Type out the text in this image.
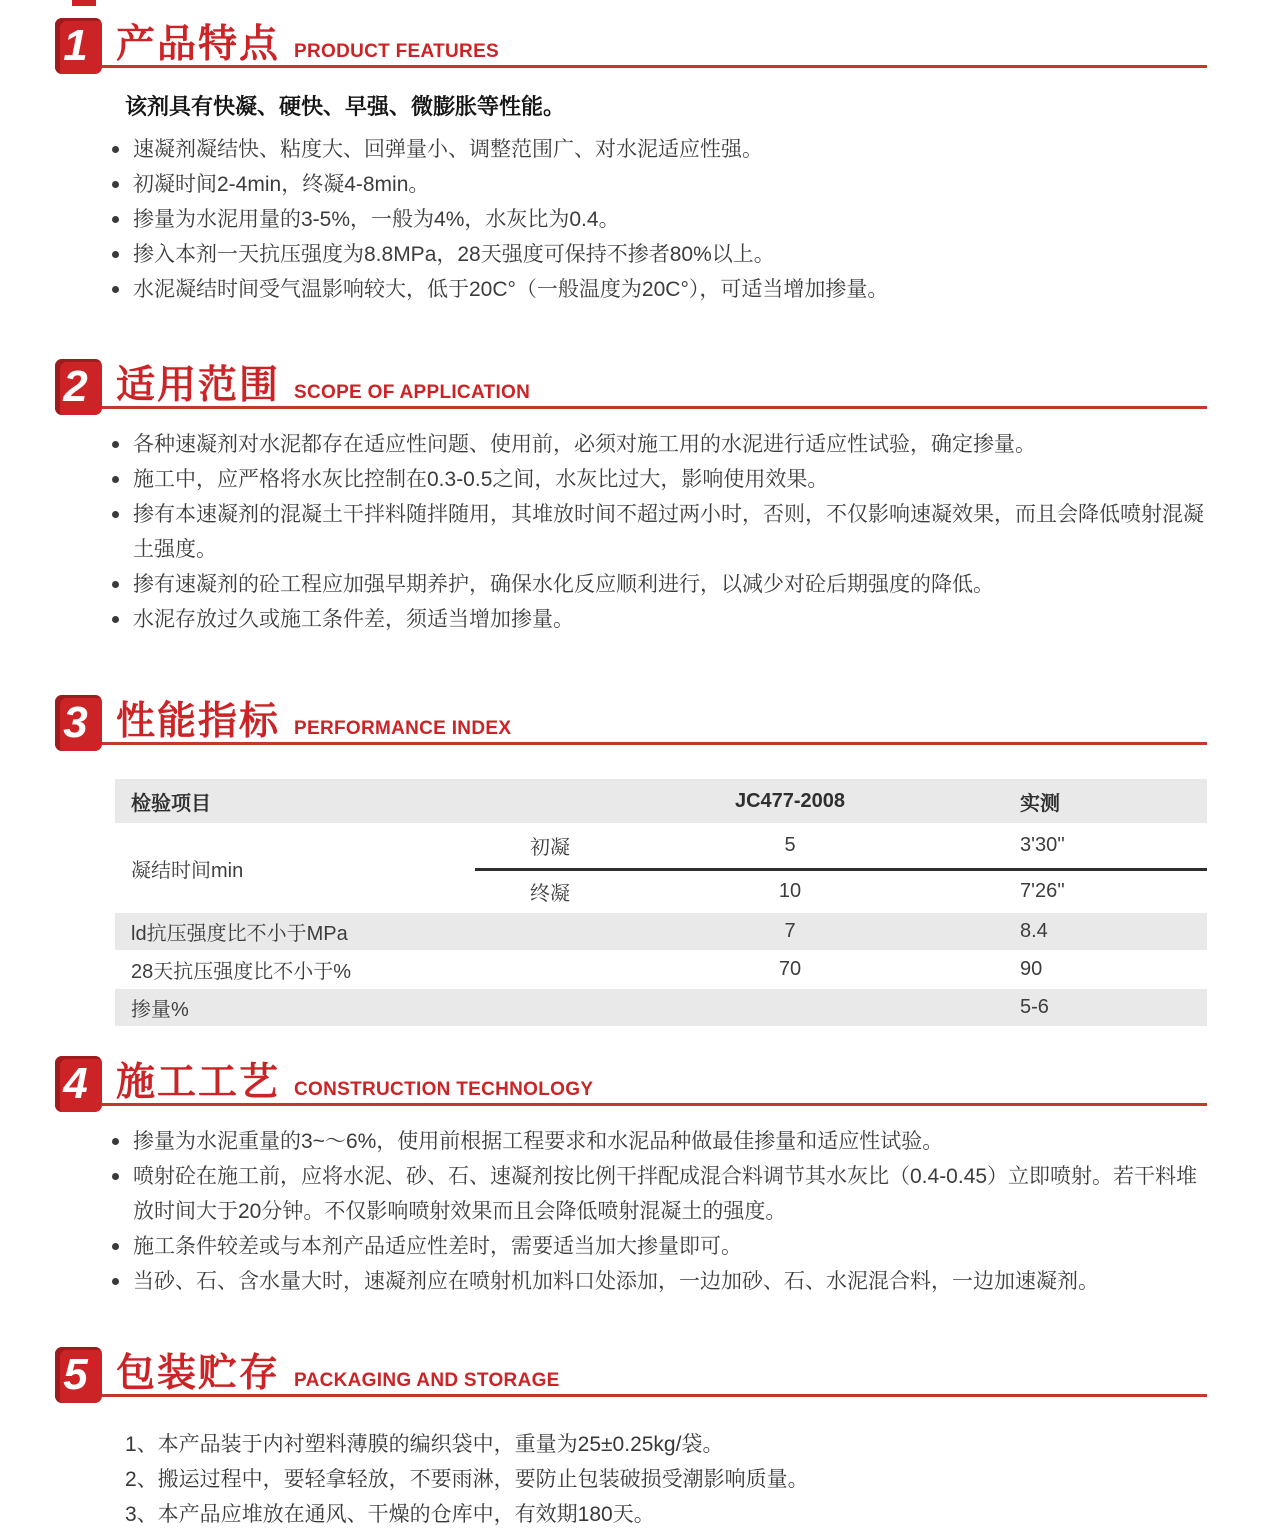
1 产品特点 PRODUCT FEATURES
该剂具有快凝、硬快、早强、微膨胀等性能。
速凝剂凝结快、粘度大、回弹量小、调整范围广、对水泥适应性强。
初凝时间2-4min，终凝4-8min。
掺量为水泥用量的3-5%，一般为4%，水灰比为0.4。
掺入本剂一天抗压强度为8.8MPa，28天强度可保持不掺者80%以上。
水泥凝结时间受气温影响较大，低于20C°（一般温度为20C°），可适当增加掺量。
2 适用范围 SCOPE OF APPLICATION
各种速凝剂对水泥都存在适应性问题、使用前，必须对施工用的水泥进行适应性试验，确定掺量。
施工中，应严格将水灰比控制在0.3-0.5之间，水灰比过大，影响使用效果。
掺有本速凝剂的混凝土干拌料随拌随用，其堆放时间不超过两小时，否则，不仅影响速凝效果，而且会降低喷射混凝土强度。
掺有速凝剂的砼工程应加强早期养护，确保水化反应顺利进行，以减少对砼后期强度的降低。
水泥存放过久或施工条件差，须适当增加掺量。
3 性能指标 PERFORMANCE INDEX
检验项目		JC477-2008	实测
凝结时间min	初凝	5	3'30''
	终凝	10	7'26''
ld抗压强度比不小于MPa		7	8.4
28天抗压强度比不小于%		70	90
掺量%			5-6
4 施工工艺 CONSTRUCTION TECHNOLOGY
掺量为水泥重量的3~～6%，使用前根据工程要求和水泥品种做最佳掺量和适应性试验。
喷射砼在施工前，应将水泥、砂、石、速凝剂按比例干拌配成混合料调节其水灰比（0.4-0.45）立即喷射。若干料堆放时间大于20分钟。不仅影响喷射效果而且会降低喷射混凝土的强度。
施工条件较差或与本剂产品适应性差时，需要适当加大掺量即可。
当砂、石、含水量大时，速凝剂应在喷射机加料口处添加，一边加砂、石、水泥混合料，一边加速凝剂。
5 包装贮存 PACKAGING AND STORAGE
1、本产品装于内衬塑料薄膜的编织袋中，重量为25±0.25kg/袋。
2、搬运过程中，要轻拿轻放，不要雨淋，要防止包装破损受潮影响质量。
3、本产品应堆放在通风、干燥的仓库中，有效期180天。
